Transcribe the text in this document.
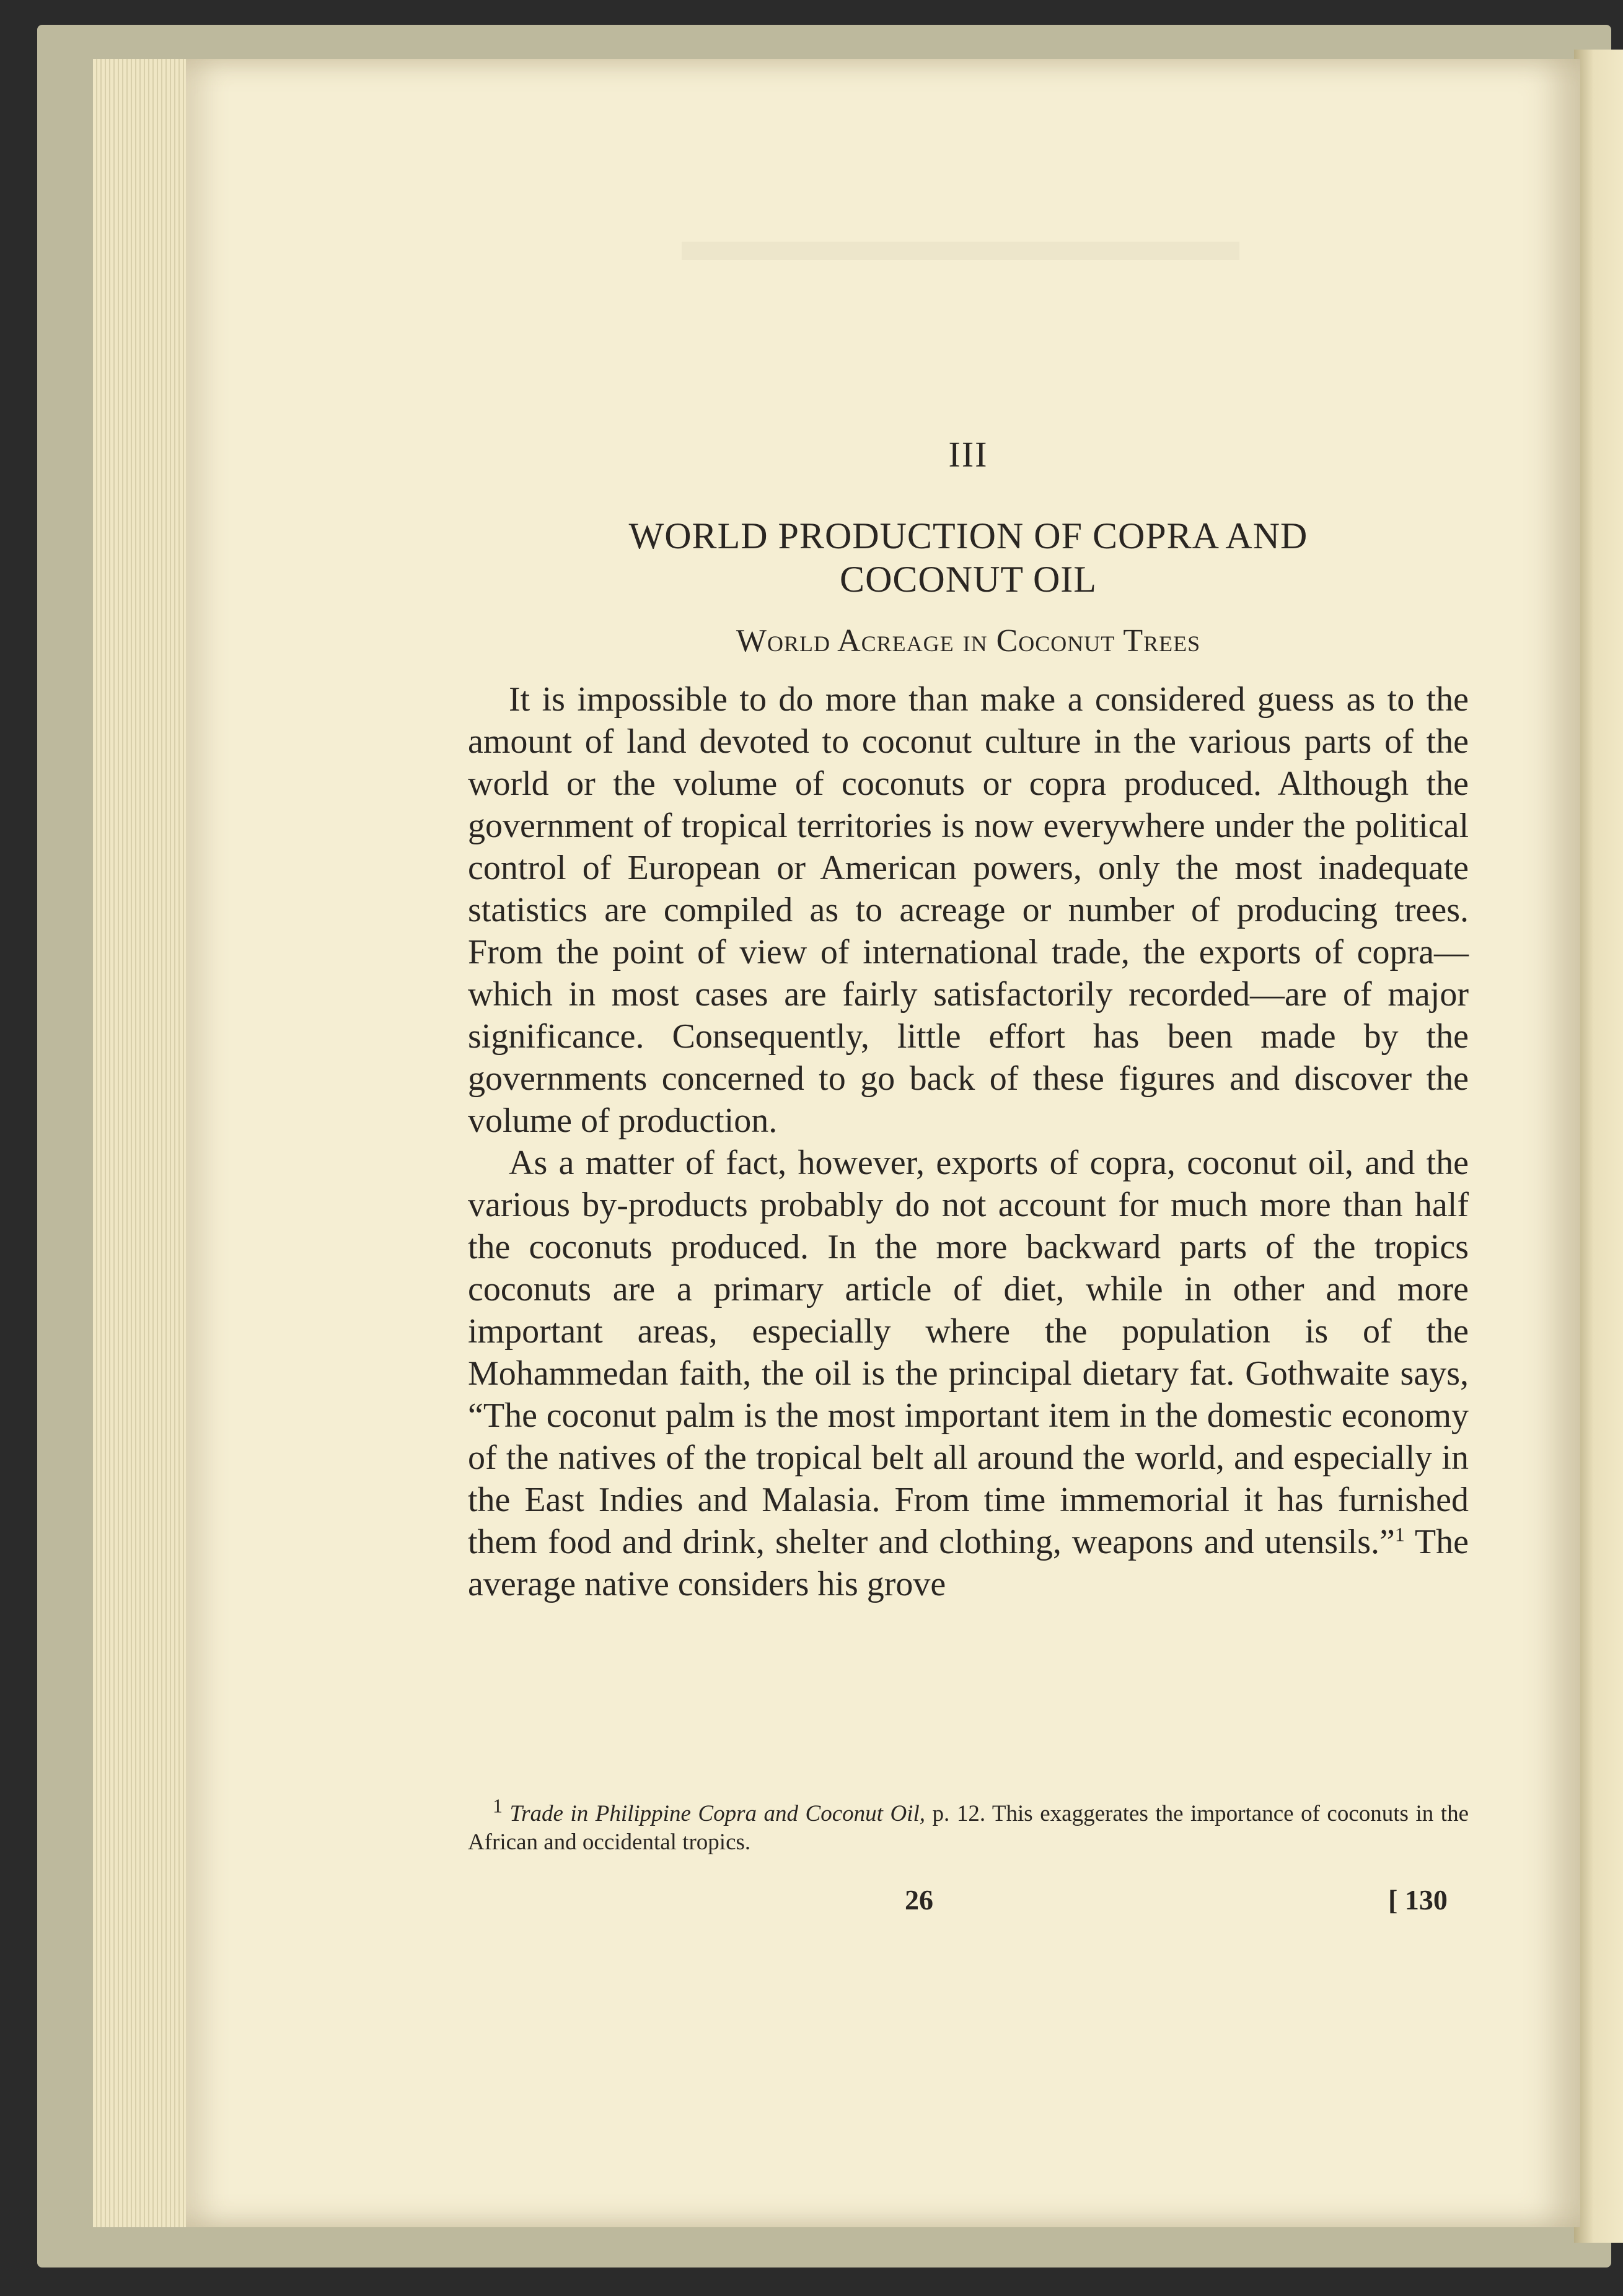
III
WORLD PRODUCTION OF COPRA AND
COCONUT OIL
World Acreage in Coconut Trees

It is impossible to do more than make a considered guess as to the amount of land devoted to coconut culture in the various parts of the world or the volume of coconuts or copra produced. Although the government of tropical territories is now everywhere under the political control of European or American powers, only the most inadequate statistics are compiled as to acreage or number of producing trees. From the point of view of international trade, the exports of copra—which in most cases are fairly satisfactorily recorded—are of major significance. Consequently, little effort has been made by the governments concerned to go back of these figures and discover the volume of production.

As a matter of fact, however, exports of copra, coconut oil, and the various by-products probably do not account for much more than half the coconuts produced. In the more backward parts of the tropics coconuts are a primary article of diet, while in other and more important areas, especially where the population is of the Mohammedan faith, the oil is the principal dietary fat. Gothwaite says, “The coconut palm is the most important item in the domestic economy of the natives of the tropical belt all around the world, and especially in the East Indies and Malasia. From time immemorial it has furnished them food and drink, shelter and clothing, weapons and utensils.”$^1$ The average native considers his grove

$^1$ Trade in Philippine Copra and Coconut Oil, p. 12. This exaggerates the importance of coconuts in the African and occidental tropics.
26	[ 130
